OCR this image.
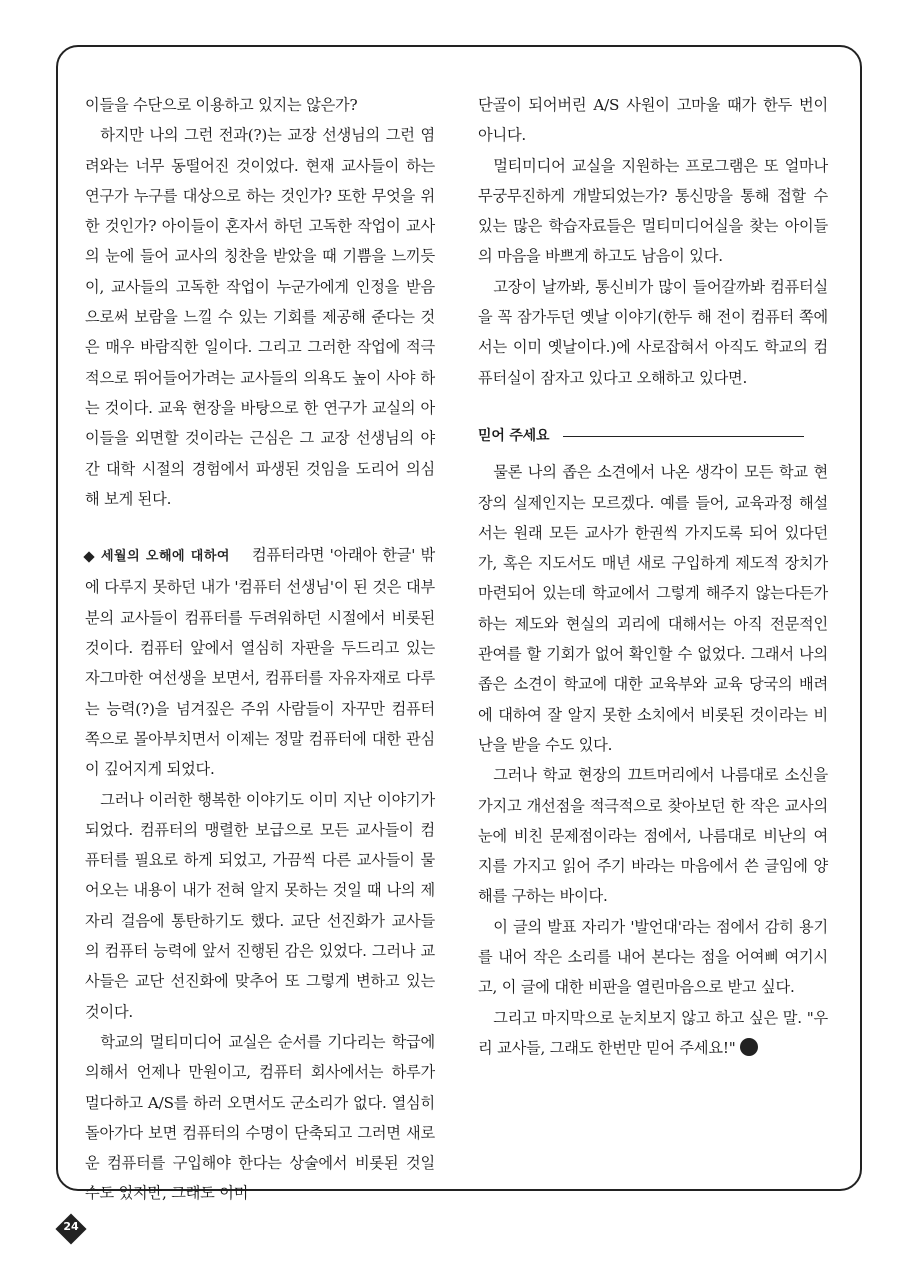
이들을 수단으로 이용하고 있지는 않은가?

하지만 나의 그런 전과(?)는 교장 선생님의 그런 염려와는 너무 동떨어진 것이었다. 현재 교사들이 하는 연구가 누구를 대상으로 하는 것인가? 또한 무엇을 위한 것인가? 아이들이 혼자서 하던 고독한 작업이 교사의 눈에 들어 교사의 칭찬을 받았을 때 기쁨을 느끼듯이, 교사들의 고독한 작업이 누군가에게 인정을 받음으로써 보람을 느낄 수 있는 기회를 제공해 준다는 것은 매우 바람직한 일이다. 그리고 그러한 작업에 적극적으로 뛰어들어가려는 교사들의 의욕도 높이 사야 하는 것이다. 교육 현장을 바탕으로 한 연구가 교실의 아이들을 외면할 것이라는 근심은 그 교장 선생님의 야간 대학 시절의 경험에서 파생된 것임을 도리어 의심해 보게 된다.

세월의 오해에 대하여 컴퓨터라면 '아래아 한글' 밖에 다루지 못하던 내가 '컴퓨터 선생님'이 된 것은 대부분의 교사들이 컴퓨터를 두려워하던 시절에서 비롯된 것이다. 컴퓨터 앞에서 열심히 자판을 두드리고 있는 자그마한 여선생을 보면서, 컴퓨터를 자유자재로 다루는 능력(?)을 넘겨짚은 주위 사람들이 자꾸만 컴퓨터 쪽으로 몰아부치면서 이제는 정말 컴퓨터에 대한 관심이 깊어지게 되었다.

그러나 이러한 행복한 이야기도 이미 지난 이야기가 되었다. 컴퓨터의 맹렬한 보급으로 모든 교사들이 컴퓨터를 필요로 하게 되었고, 가끔씩 다른 교사들이 물어오는 내용이 내가 전혀 알지 못하는 것일 때 나의 제자리 걸음에 통탄하기도 했다. 교단 선진화가 교사들의 컴퓨터 능력에 앞서 진행된 감은 있었다. 그러나 교사들은 교단 선진화에 맞추어 또 그렇게 변하고 있는 것이다.

학교의 멀티미디어 교실은 순서를 기다리는 학급에 의해서 언제나 만원이고, 컴퓨터 회사에서는 하루가 멀다하고 A/S를 하러 오면서도 군소리가 없다. 열심히 돌아가다 보면 컴퓨터의 수명이 단축되고 그러면 새로운 컴퓨터를 구입해야 한다는 상술에서 비롯된 것일 수도 있지만, 그래도 이미

단골이 되어버린 A/S 사원이 고마울 때가 한두 번이 아니다.

멀티미디어 교실을 지원하는 프로그램은 또 얼마나 무궁무진하게 개발되었는가? 통신망을 통해 접할 수 있는 많은 학습자료들은 멀티미디어실을 찾는 아이들의 마음을 바쁘게 하고도 남음이 있다.

고장이 날까봐, 통신비가 많이 들어갈까봐 컴퓨터실을 꼭 잠가두던 옛날 이야기(한두 해 전이 컴퓨터 쪽에서는 이미 옛날이다.)에 사로잡혀서 아직도 학교의 컴퓨터실이 잠자고 있다고 오해하고 있다면.

믿어 주세요

물론 나의 좁은 소견에서 나온 생각이 모든 학교 현장의 실제인지는 모르겠다. 예를 들어, 교육과정 해설서는 원래 모든 교사가 한권씩 가지도록 되어 있다던가, 혹은 지도서도 매년 새로 구입하게 제도적 장치가 마련되어 있는데 학교에서 그렇게 해주지 않는다든가 하는 제도와 현실의 괴리에 대해서는 아직 전문적인 관여를 할 기회가 없어 확인할 수 없었다. 그래서 나의 좁은 소견이 학교에 대한 교육부와 교육 당국의 배려에 대하여 잘 알지 못한 소치에서 비롯된 것이라는 비난을 받을 수도 있다.

그러나 학교 현장의 끄트머리에서 나름대로 소신을 가지고 개선점을 적극적으로 찾아보던 한 작은 교사의 눈에 비친 문제점이라는 점에서, 나름대로 비난의 여지를 가지고 읽어 주기 바라는 마음에서 쓴 글임에 양해를 구하는 바이다.

이 글의 발표 자리가 '발언대'라는 점에서 감히 용기를 내어 작은 소리를 내어 본다는 점을 어여삐 여기시고, 이 글에 대한 비판을 열린마음으로 받고 싶다.

그리고 마지막으로 눈치보지 않고 하고 싶은 말. "우리 교사들, 그래도 한번만 믿어 주세요!"

24
